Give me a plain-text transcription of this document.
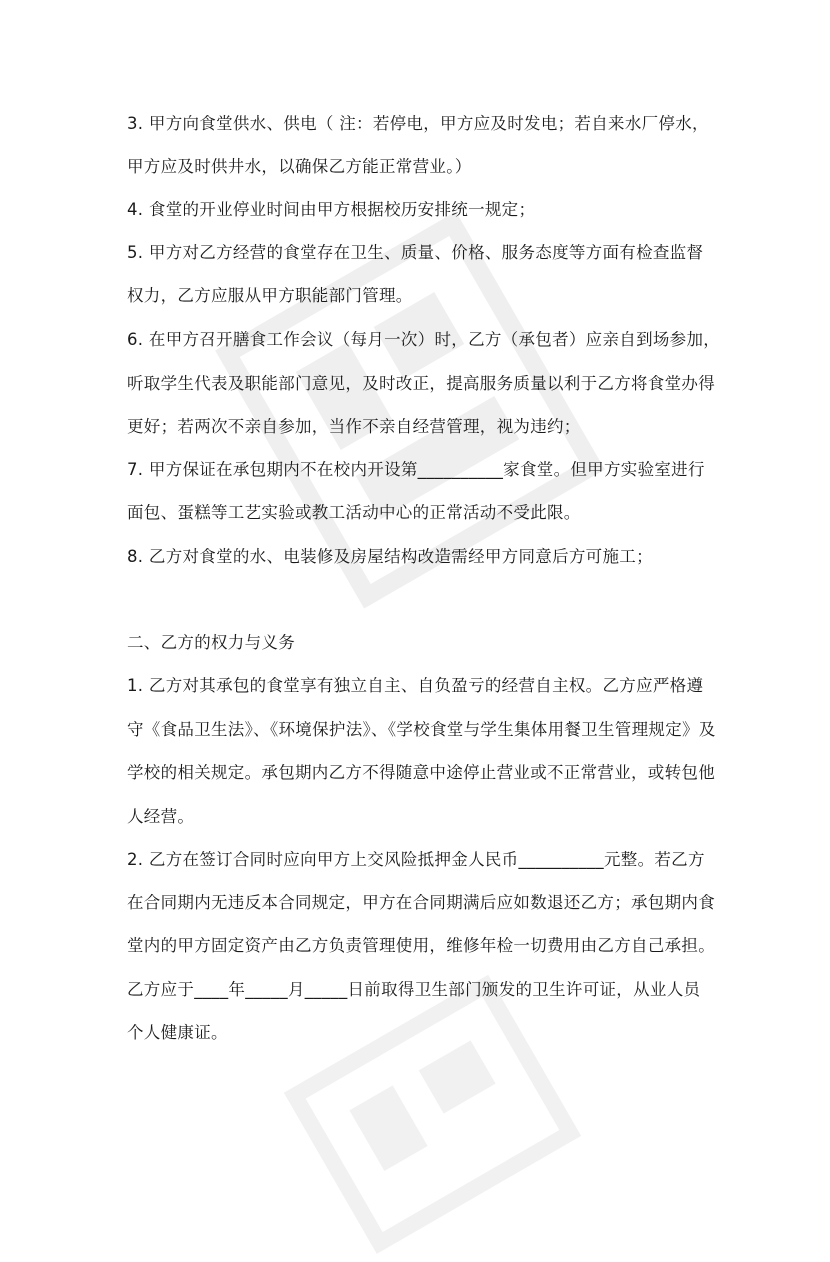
3. 甲方向食堂供水、供电（ 注：若停电，甲方应及时发电；若自来水厂停水，
甲方应及时供井水，以确保乙方能正常营业。）
4. 食堂的开业停业时间由甲方根据校历安排统一规定；
5. 甲方对乙方经营的食堂存在卫生、质量、价格、服务态度等方面有检查监督
权力，乙方应服从甲方职能部门管理。
6. 在甲方召开膳食工作会议（每月一次）时，乙方（承包者）应亲自到场参加，
听取学生代表及职能部门意见，及时改正，提高服务质量以利于乙方将食堂办得
更好；若两次不亲自参加，当作不亲自经营管理，视为违约；
7. 甲方保证在承包期内不在校内开设第__________家食堂。但甲方实验室进行
面包、蛋糕等工艺实验或教工活动中心的正常活动不受此限。
8. 乙方对食堂的水、电装修及房屋结构改造需经甲方同意后方可施工；
二、乙方的权力与义务
1. 乙方对其承包的食堂享有独立自主、自负盈亏的经营自主权。乙方应严格遵
守《食品卫生法》、《环境保护法》、《学校食堂与学生集体用餐卫生管理规定》及
学校的相关规定。承包期内乙方不得随意中途停止营业或不正常营业，或转包他
人经营。
2. 乙方在签订合同时应向甲方上交风险抵押金人民币__________元整。若乙方
在合同期内无违反本合同规定，甲方在合同期满后应如数退还乙方；承包期内食
堂内的甲方固定资产由乙方负责管理使用，维修年检一切费用由乙方自己承担。
乙方应于____年_____月_____日前取得卫生部门颁发的卫生许可证，从业人员
个人健康证。
